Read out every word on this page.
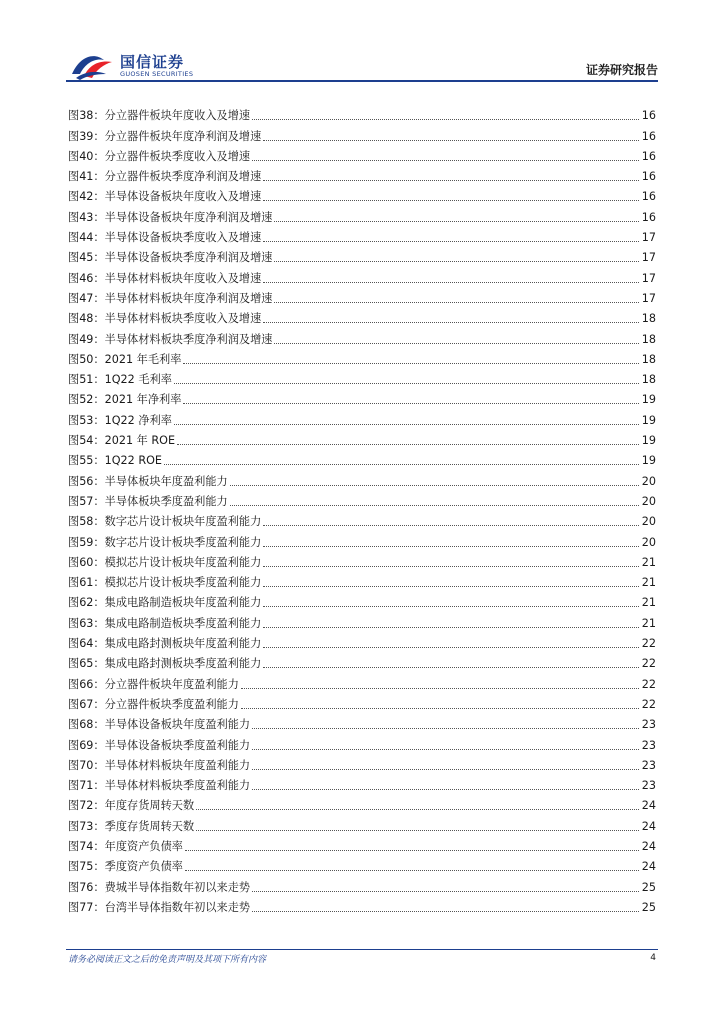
国信证券
GUOSEN SECURITIES	证券研究报告
图38： 分立器件板块年度收入及增速	16
图39： 分立器件板块年度净利润及增速	16
图40： 分立器件板块季度收入及增速	16
图41： 分立器件板块季度净利润及增速	16
图42： 半导体设备板块年度收入及增速	16
图43： 半导体设备板块年度净利润及增速	16
图44： 半导体设备板块季度收入及增速	17
图45： 半导体设备板块季度净利润及增速	17
图46： 半导体材料板块年度收入及增速	17
图47： 半导体材料板块年度净利润及增速	17
图48： 半导体材料板块季度收入及增速	18
图49： 半导体材料板块季度净利润及增速	18
图50： 2021 年毛利率	18
图51： 1Q22 毛利率	18
图52： 2021 年净利率	19
图53： 1Q22 净利率	19
图54： 2021 年 ROE	19
图55： 1Q22 ROE	19
图56： 半导体板块年度盈利能力	20
图57： 半导体板块季度盈利能力	20
图58： 数字芯片设计板块年度盈利能力	20
图59： 数字芯片设计板块季度盈利能力	20
图60： 模拟芯片设计板块年度盈利能力	21
图61： 模拟芯片设计板块季度盈利能力	21
图62： 集成电路制造板块年度盈利能力	21
图63： 集成电路制造板块季度盈利能力	21
图64： 集成电路封测板块年度盈利能力	22
图65： 集成电路封测板块季度盈利能力	22
图66： 分立器件板块年度盈利能力	22
图67： 分立器件板块季度盈利能力	22
图68： 半导体设备板块年度盈利能力	23
图69： 半导体设备板块季度盈利能力	23
图70： 半导体材料板块年度盈利能力	23
图71： 半导体材料板块季度盈利能力	23
图72： 年度存货周转天数	24
图73： 季度存货周转天数	24
图74： 年度资产负债率	24
图75： 季度资产负债率	24
图76： 费城半导体指数年初以来走势	25
图77： 台湾半导体指数年初以来走势	25
请务必阅读正文之后的免责声明及其项下所有内容	4
